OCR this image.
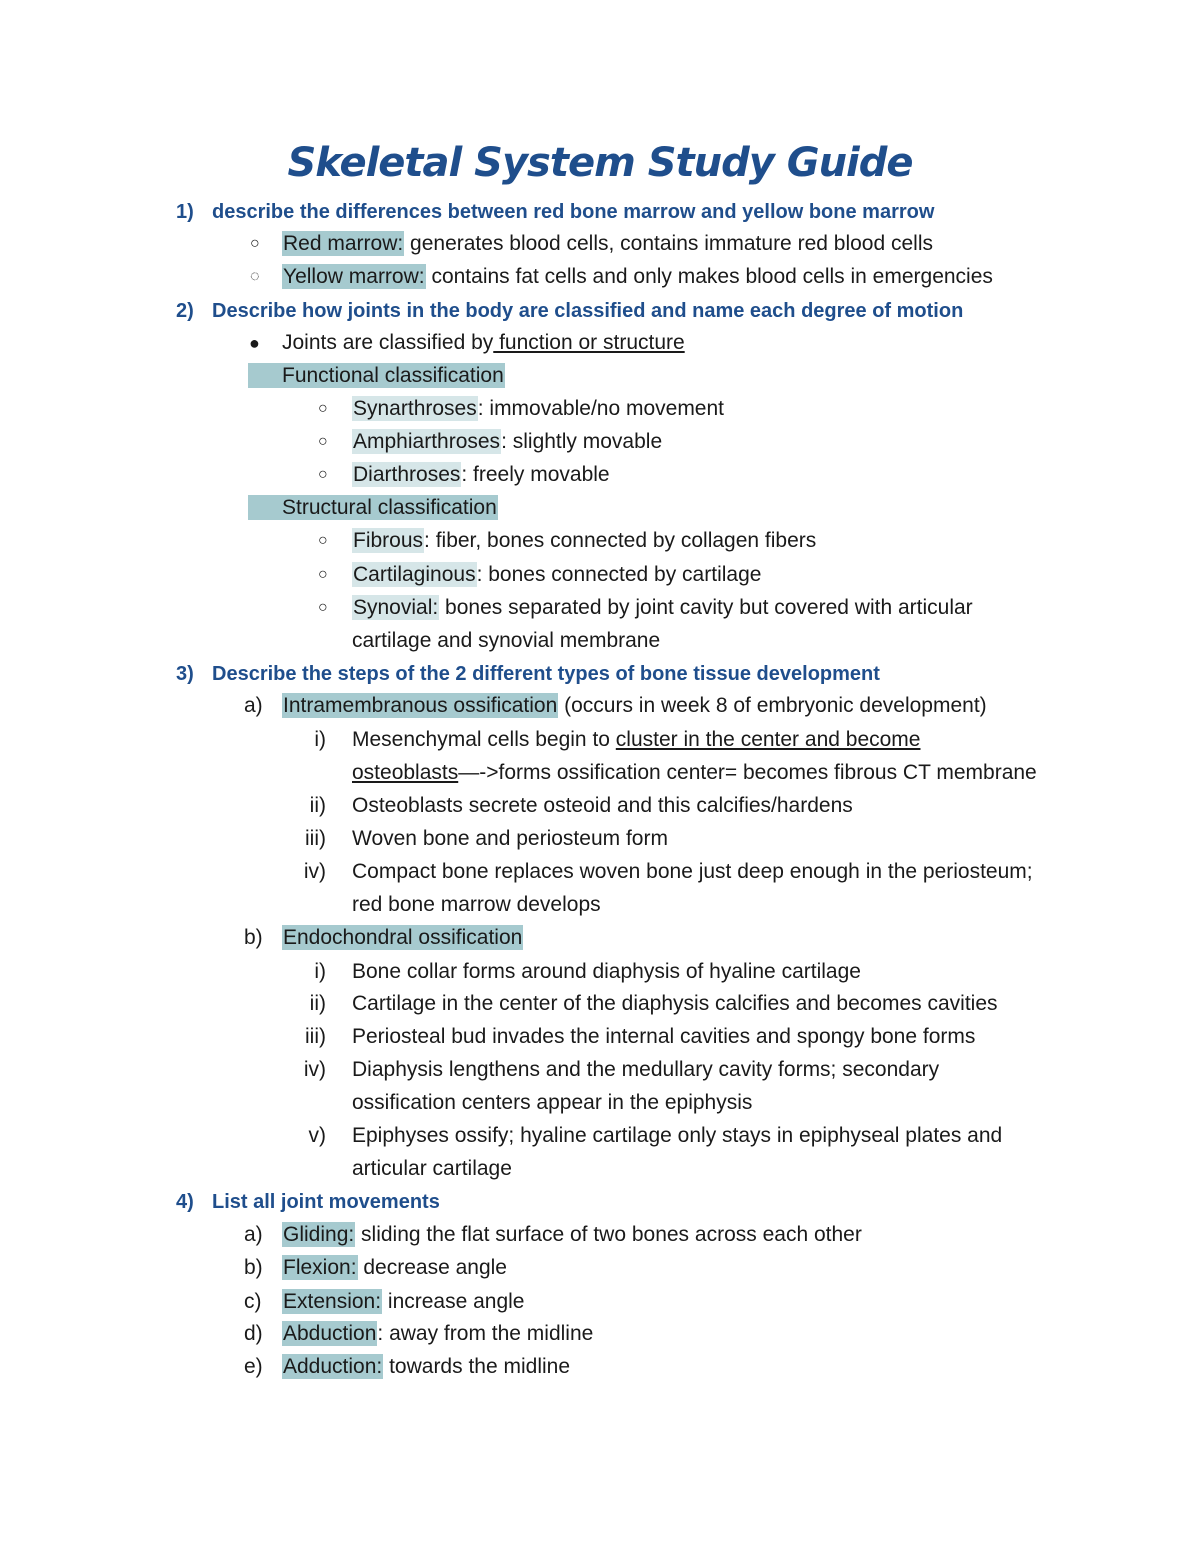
Skeletal System Study Guide
1) describe the differences between red bone marrow and yellow bone marrow
○ Red marrow: generates blood cells, contains immature red blood cells
◌ Yellow marrow: contains fat cells and only makes blood cells in emergencies
2) Describe how joints in the body are classified and name each degree of motion
● Joints are classified by function or structure
Functional classification
○ Synarthroses: immovable/no movement
○ Amphiarthroses: slightly movable
○ Diarthroses: freely movable
Structural classification
○ Fibrous: fiber, bones connected by collagen fibers
○ Cartilaginous: bones connected by cartilage
○ Synovial: bones separated by joint cavity but covered with articular
cartilage and synovial membrane
3) Describe the steps of the 2 different types of bone tissue development
a) Intramembranous ossification (occurs in week 8 of embryonic development)
i) Mesenchymal cells begin to cluster in the center and become
osteoblasts—->forms ossification center= becomes fibrous CT membrane
ii) Osteoblasts secrete osteoid and this calcifies/hardens
iii) Woven bone and periosteum form
iv) Compact bone replaces woven bone just deep enough in the periosteum;
red bone marrow develops
b) Endochondral ossification
i) Bone collar forms around diaphysis of hyaline cartilage
ii) Cartilage in the center of the diaphysis calcifies and becomes cavities
iii) Periosteal bud invades the internal cavities and spongy bone forms
iv) Diaphysis lengthens and the medullary cavity forms; secondary
ossification centers appear in the epiphysis
v) Epiphyses ossify; hyaline cartilage only stays in epiphyseal plates and
articular cartilage
4) List all joint movements
a) Gliding: sliding the flat surface of two bones across each other
b) Flexion: decrease angle
c)	Extension: increase angle
d) Abduction: away from the midline
e) Adduction: towards the midline
